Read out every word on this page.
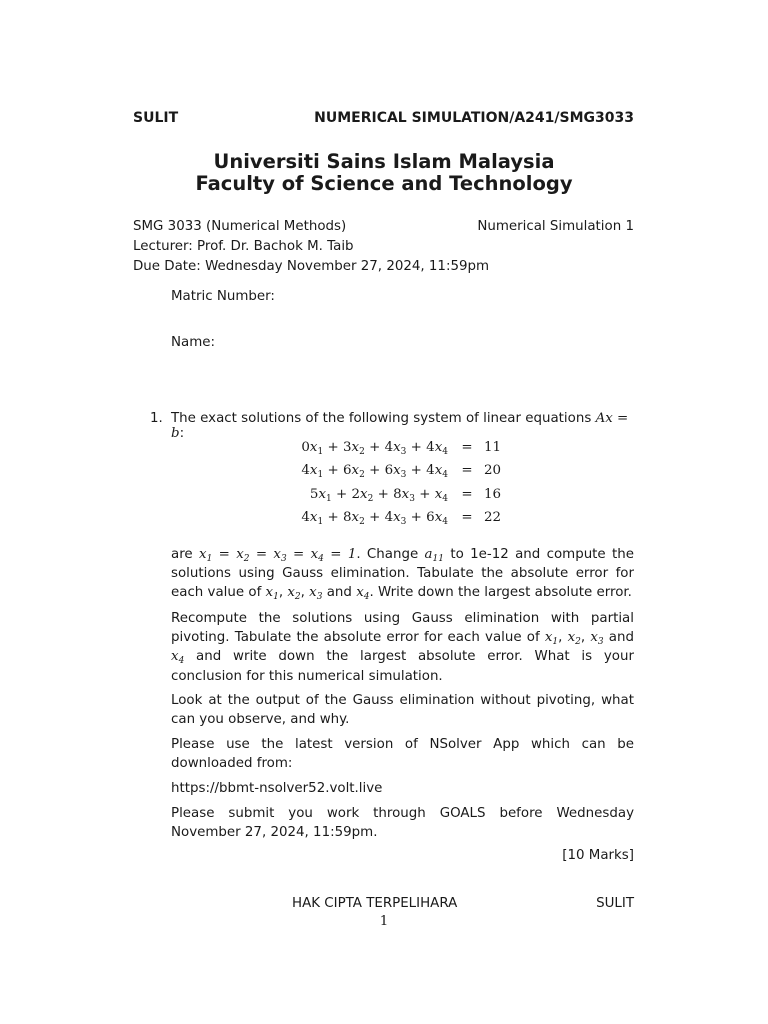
SULIT	NUMERICAL SIMULATION/A241/SMG3033
Universiti Sains Islam Malaysia
Faculty of Science and Technology
SMG 3033 (Numerical Methods)	Numerical Simulation 1
Lecturer: Prof. Dr. Bachok M. Taib
Due Date: Wednesday November 27, 2024, 11:59pm
Matric Number:
Name:
1. The exact solutions of the following system of linear equations Ax = b:
$0x_1 + 3x_2 + 4x_3 + 4x_4 = 11$
$4x_1 + 6x_2 + 6x_3 + 4x_4 = 20$
$5x_1 + 2x_2 + 8x_3 + x_4 = 16$
$4x_1 + 8x_2 + 4x_3 + 6x_4 = 22$
are $x_1 = x_2 = x_3 = x_4 = 1$. Change $a_{11}$ to 1e-12 and compute the solutions using Gauss elimination. Tabulate the absolute error for each value of $x_1$, $x_2$, $x_3$ and $x_4$. Write down the largest absolute error.
Recompute the solutions using Gauss elimination with partial pivoting. Tabulate the absolute error for each value of $x_1$, $x_2$, $x_3$ and $x_4$ and write down the largest absolute error. What is your conclusion for this numerical simulation.
Look at the output of the Gauss elimination without pivoting, what can you observe, and why.
Please use the latest version of NSolver App which can be downloaded from:
https://bbmt-nsolver52.volt.live
Please submit you work through GOALS before Wednesday November 27, 2024, 11:59pm.
[10 Marks]
HAK CIPTA TERPELIHARA	SULIT
1
